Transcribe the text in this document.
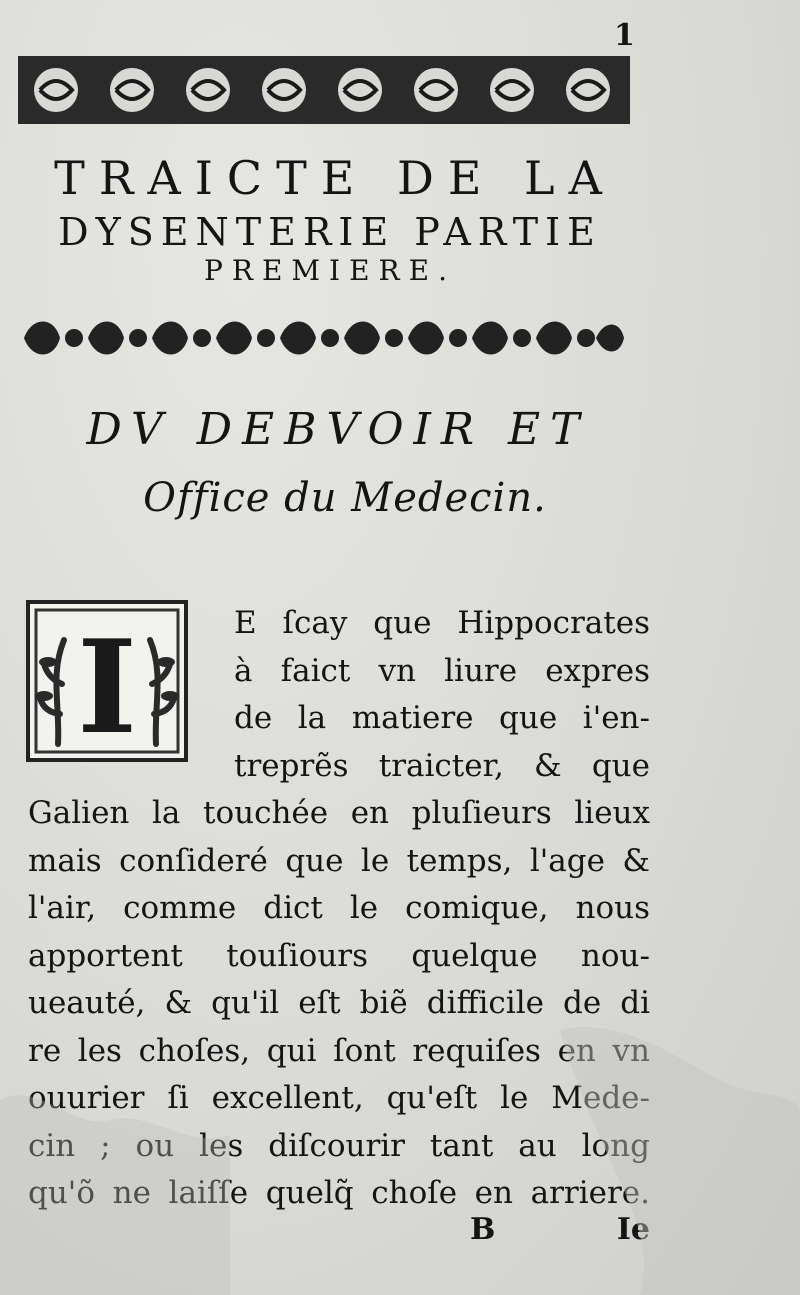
1
TRAICTE DE LA
DYSENTERIE PARTIE
PREMIERE.
DV DEBVOIR ET
Office du Medecin.
I	E ſcay que Hippocrates
à faict vn liure expres
de la matiere que i'en-
treprẽs traicter, & que
Galien la touchée en pluſieurs lieux
mais conſideré que le temps, l'age &
l'air, comme dict le comique, nous
apportent touſiours quelque nou-
ueauté, & qu'il eſt biẽ difficile de di
re les choſes, qui ſont requiſes en vn
ouurier ſi excellent, qu'eſt le Mede-
cin ; ou les diſcourir tant au long
qu'õ ne laiſſe quelq̃ choſe en arriere.
B	Ie
